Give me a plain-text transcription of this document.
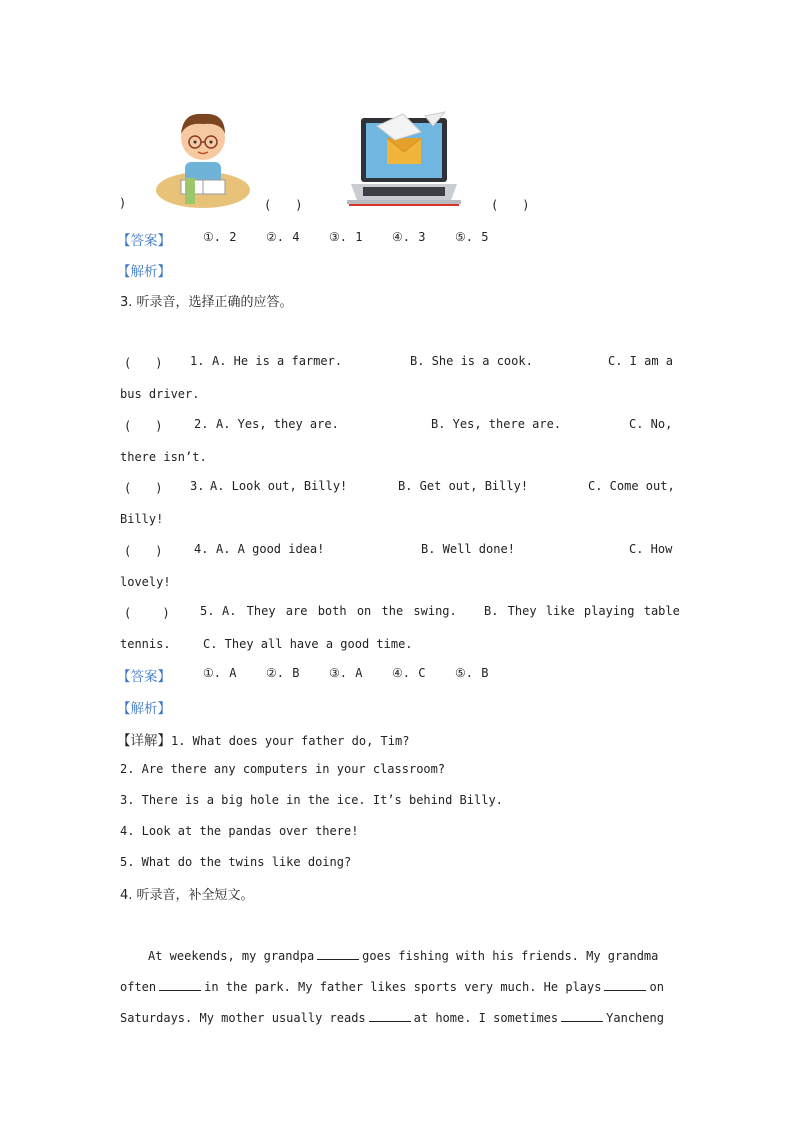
)	(　　)	(　　)
【 答案 】	①. 2 ②. 4 ③. 1 ④. 3 ⑤. 5
【 解析 】
3. 听录音，选择正确的应答。
(　　) 1. A. He is a farmer.	B. She is a cook.	C. I am a
bus driver.
(　　)	2. A. Yes, they are.	B. Yes, there are.	C. No,
there isn’t.
(　　) 3. A. Look out, Billy!	B. Get out, Billy!	C. Come out,
Billy!
(　　)	4. A. A good idea!	B. Well done!	C. How
lovely!
(　　 )	5. A. They are both on the swing. B. They like playing table
tennis.	C. They all have a good time.
【 答案 】	①. A ②. B ③. A ④. C ⑤. B
【 解析 】
【 详解 】 1. What does your father do, Tim?
2. Are there any computers in your classroom?
3. There is a big hole in the ice. It’s behind Billy.
4. Look at the pandas over there!
5. What do the twins like doing?
4. 听录音，补全短文。
At weekends, my grandpa	goes fishing with his friends. My grandma
often	in the park. My father likes sports very much. He plays	on
Saturdays. My mother usually reads	at home. I sometimes	Yancheng
